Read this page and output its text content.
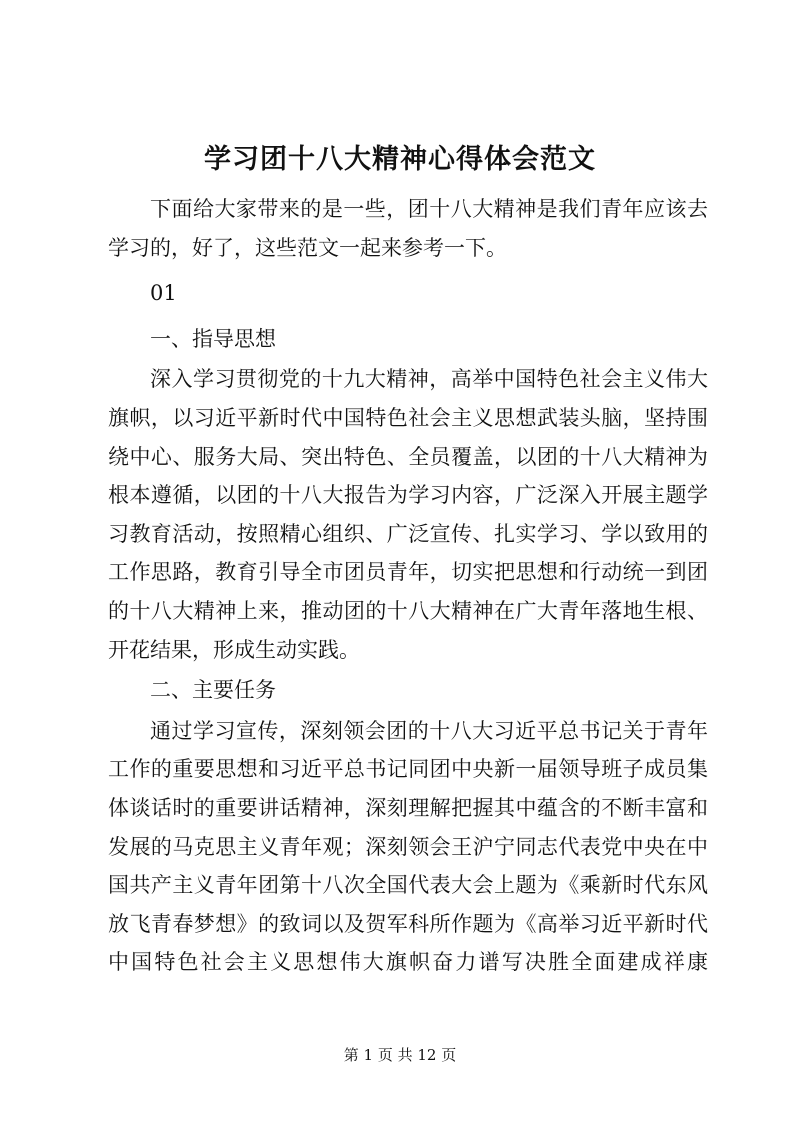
学习团十八大精神心得体会范文

下面给大家带来的是一些，团十八大精神是我们青年应该去学习的，好了，这些范文一起来参考一下。

01

一、指导思想

深入学习贯彻党的十九大精神，高举中国特色社会主义伟大旗帜，以习近平新时代中国特色社会主义思想武装头脑，坚持围绕中心、服务大局、突出特色、全员覆盖，以团的十八大精神为根本遵循，以团的十八大报告为学习内容，广泛深入开展主题学习教育活动，按照精心组织、广泛宣传、扎实学习、学以致用的工作思路，教育引导全市团员青年，切实把思想和行动统一到团的十八大精神上来，推动团的十八大精神在广大青年落地生根、开花结果，形成生动实践。

二、主要任务

通过学习宣传，深刻领会团的十八大习近平总书记关于青年工作的重要思想和习近平总书记同团中央新一届领导班子成员集体谈话时的重要讲话精神，深刻理解把握其中蕴含的不断丰富和发展的马克思主义青年观；深刻领会王沪宁同志代表党中央在中国共产主义青年团第十八次全国代表大会上题为《乘新时代东风放飞青春梦想》的致词以及贺军科所作题为《高举习近平新时代中国特色社会主义思想伟大旗帜奋力谱写决胜全面建成祥康

第 1 页 共 12 页
